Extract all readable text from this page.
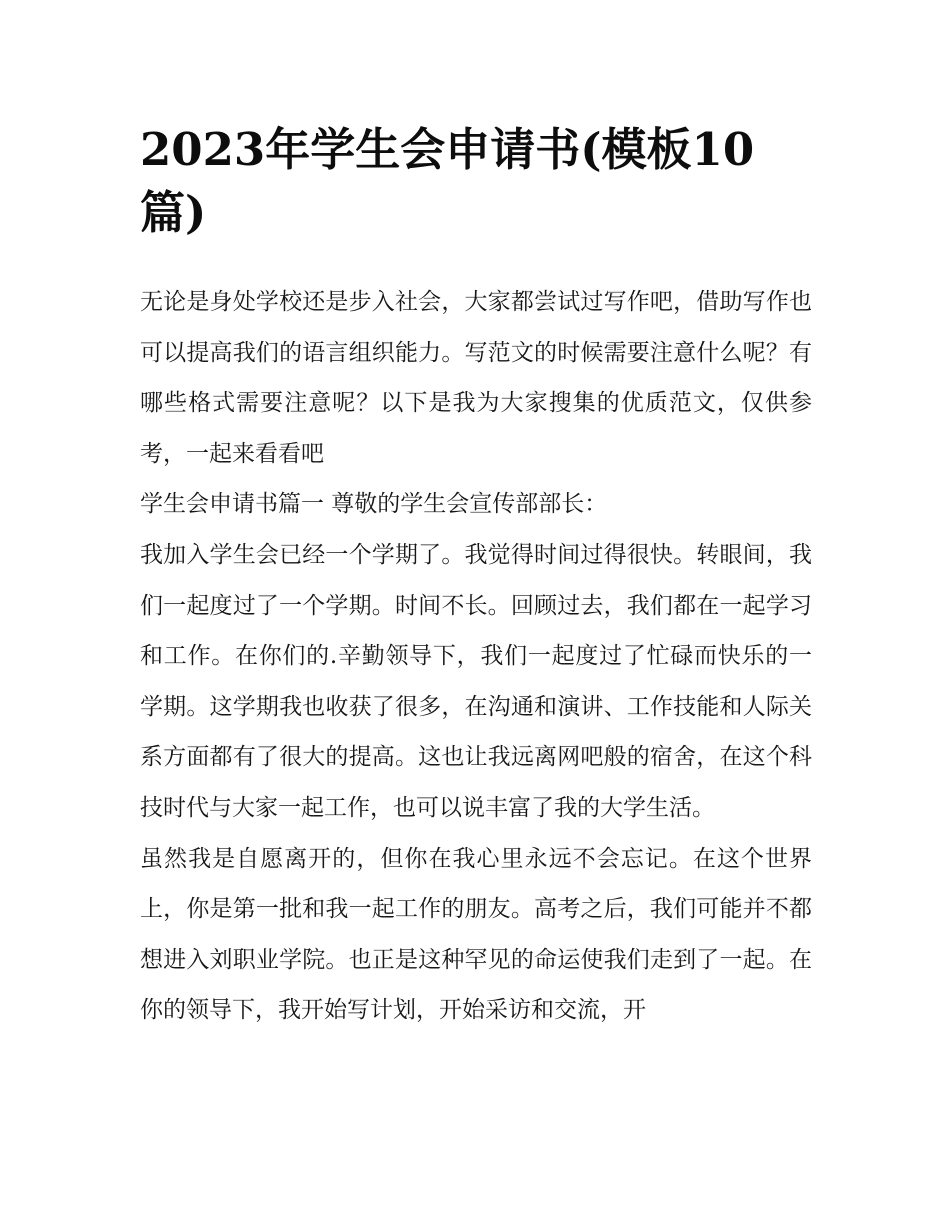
2023年学生会申请书(模板10篇)

无论是身处学校还是步入社会，大家都尝试过写作吧，借助写作也可以提高我们的语言组织能力。写范文的时候需要注意什么呢？有哪些格式需要注意呢？以下是我为大家搜集的优质范文，仅供参考，一起来看看吧

学生会申请书篇一 尊敬的学生会宣传部部长：

我加入学生会已经一个学期了。我觉得时间过得很快。转眼间，我们一起度过了一个学期。时间不长。回顾过去，我们都在一起学习和工作。在你们的.辛勤领导下，我们一起度过了忙碌而快乐的一学期。这学期我也收获了很多，在沟通和演讲、工作技能和人际关系方面都有了很大的提高。这也让我远离网吧般的宿舍，在这个科技时代与大家一起工作，也可以说丰富了我的大学生活。

虽然我是自愿离开的，但你在我心里永远不会忘记。在这个世界上，你是第一批和我一起工作的朋友。高考之后，我们可能并不都想进入刘职业学院。也正是这种罕见的命运使我们走到了一起。在你的领导下，我开始写计划，开始采访和交流，开
